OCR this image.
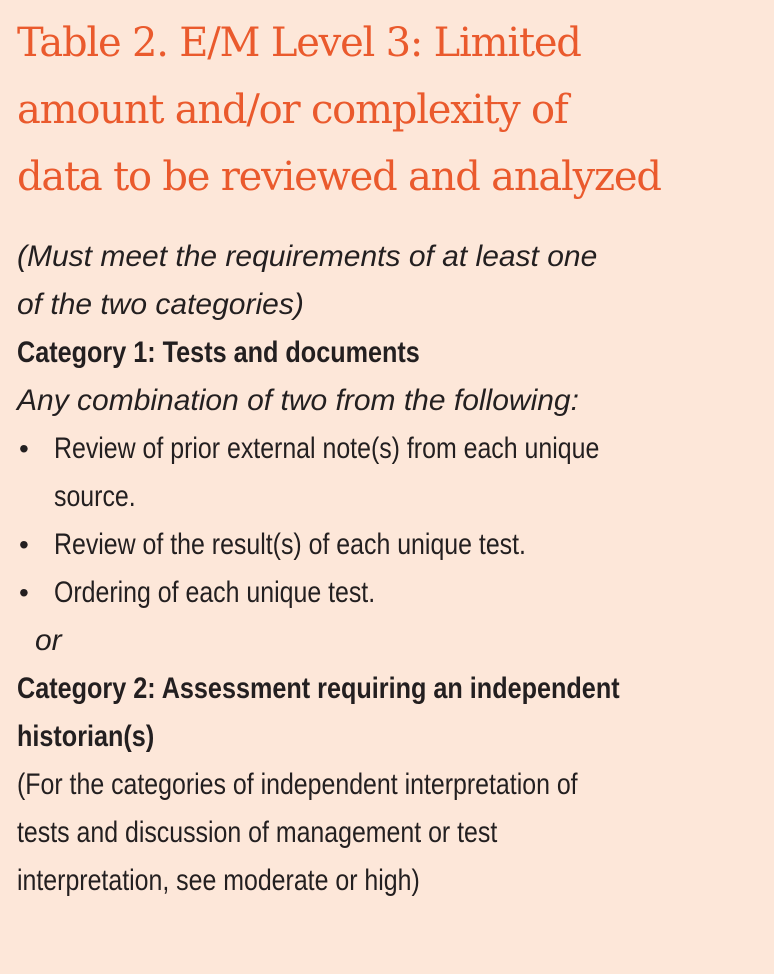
Table 2. E/M Level 3: Limited
amount and/or complexity of
data to be reviewed and analyzed
(Must meet the requirements of at least one
of the two categories)
Category 1: Tests and documents
Any combination of two from the following:
• Review of prior external note(s) from each unique
source.
• Review of the result(s) of each unique test.
• Ordering of each unique test.
or
Category 2: Assessment requiring an independent
historian(s)
(For the categories of independent interpretation of
tests and discussion of management or test
interpretation, see moderate or high)
